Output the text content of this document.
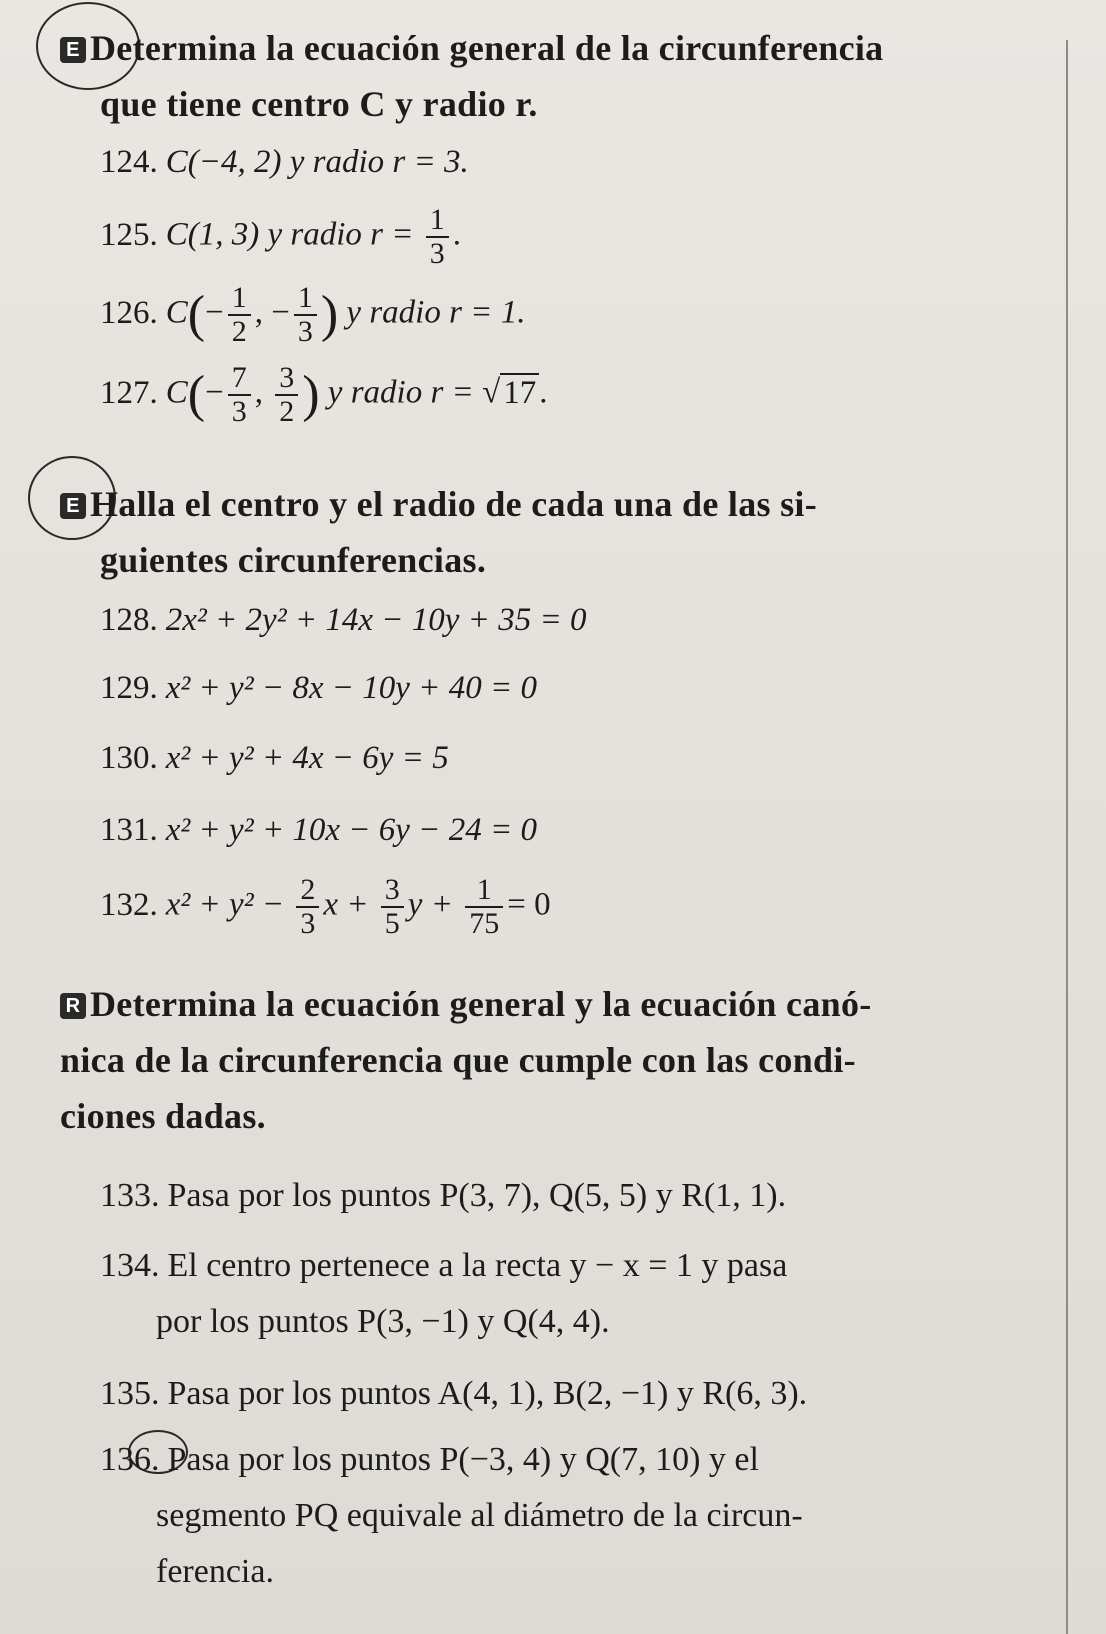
E Determina la ecuación general de la circunferencia
que tiene centro C y radio r.
124. C(−4, 2) y radio r = 3.
125. C(1, 3) y radio $r = \frac{1}{3}$ .
126. $C(- \frac{1}{2}$ , − $\frac{1}{3}$ ) y radio r = 1.
127. $C(- \frac{7}{3}$ , $\frac{3}{2}$ ) y radio r = √17.
E Halla el centro y el radio de cada una de las si-
guientes circunferencias.
128. 2x² + 2y² + 14x − 10y + 35 = 0
129. x² + y² − 8x − 10y + 40 = 0
130. x² + y² + 4x − 6y = 5
131. x² + y² + 10x − 6y − 24 = 0
132. $x^2 + y^2 - \frac{2}{3}$ $x + \frac{3}{5}$ $y + \frac{1}{75} = 0$
R Determina la ecuación general y la ecuación canó-
nica de la circunferencia que cumple con las condi-
ciones dadas.
133. Pasa por los puntos P(3, 7), Q(5, 5) y R(1, 1).
134. El centro pertenece a la recta y − x = 1 y pasa
por los puntos P(3, −1) y Q(4, 4).
135. Pasa por los puntos A(4, 1), B(2, −1) y R(6, 3).
136. Pasa por los puntos P(−3, 4) y Q(7, 10) y el
segmento PQ equivale al diámetro de la circun-
ferencia.
